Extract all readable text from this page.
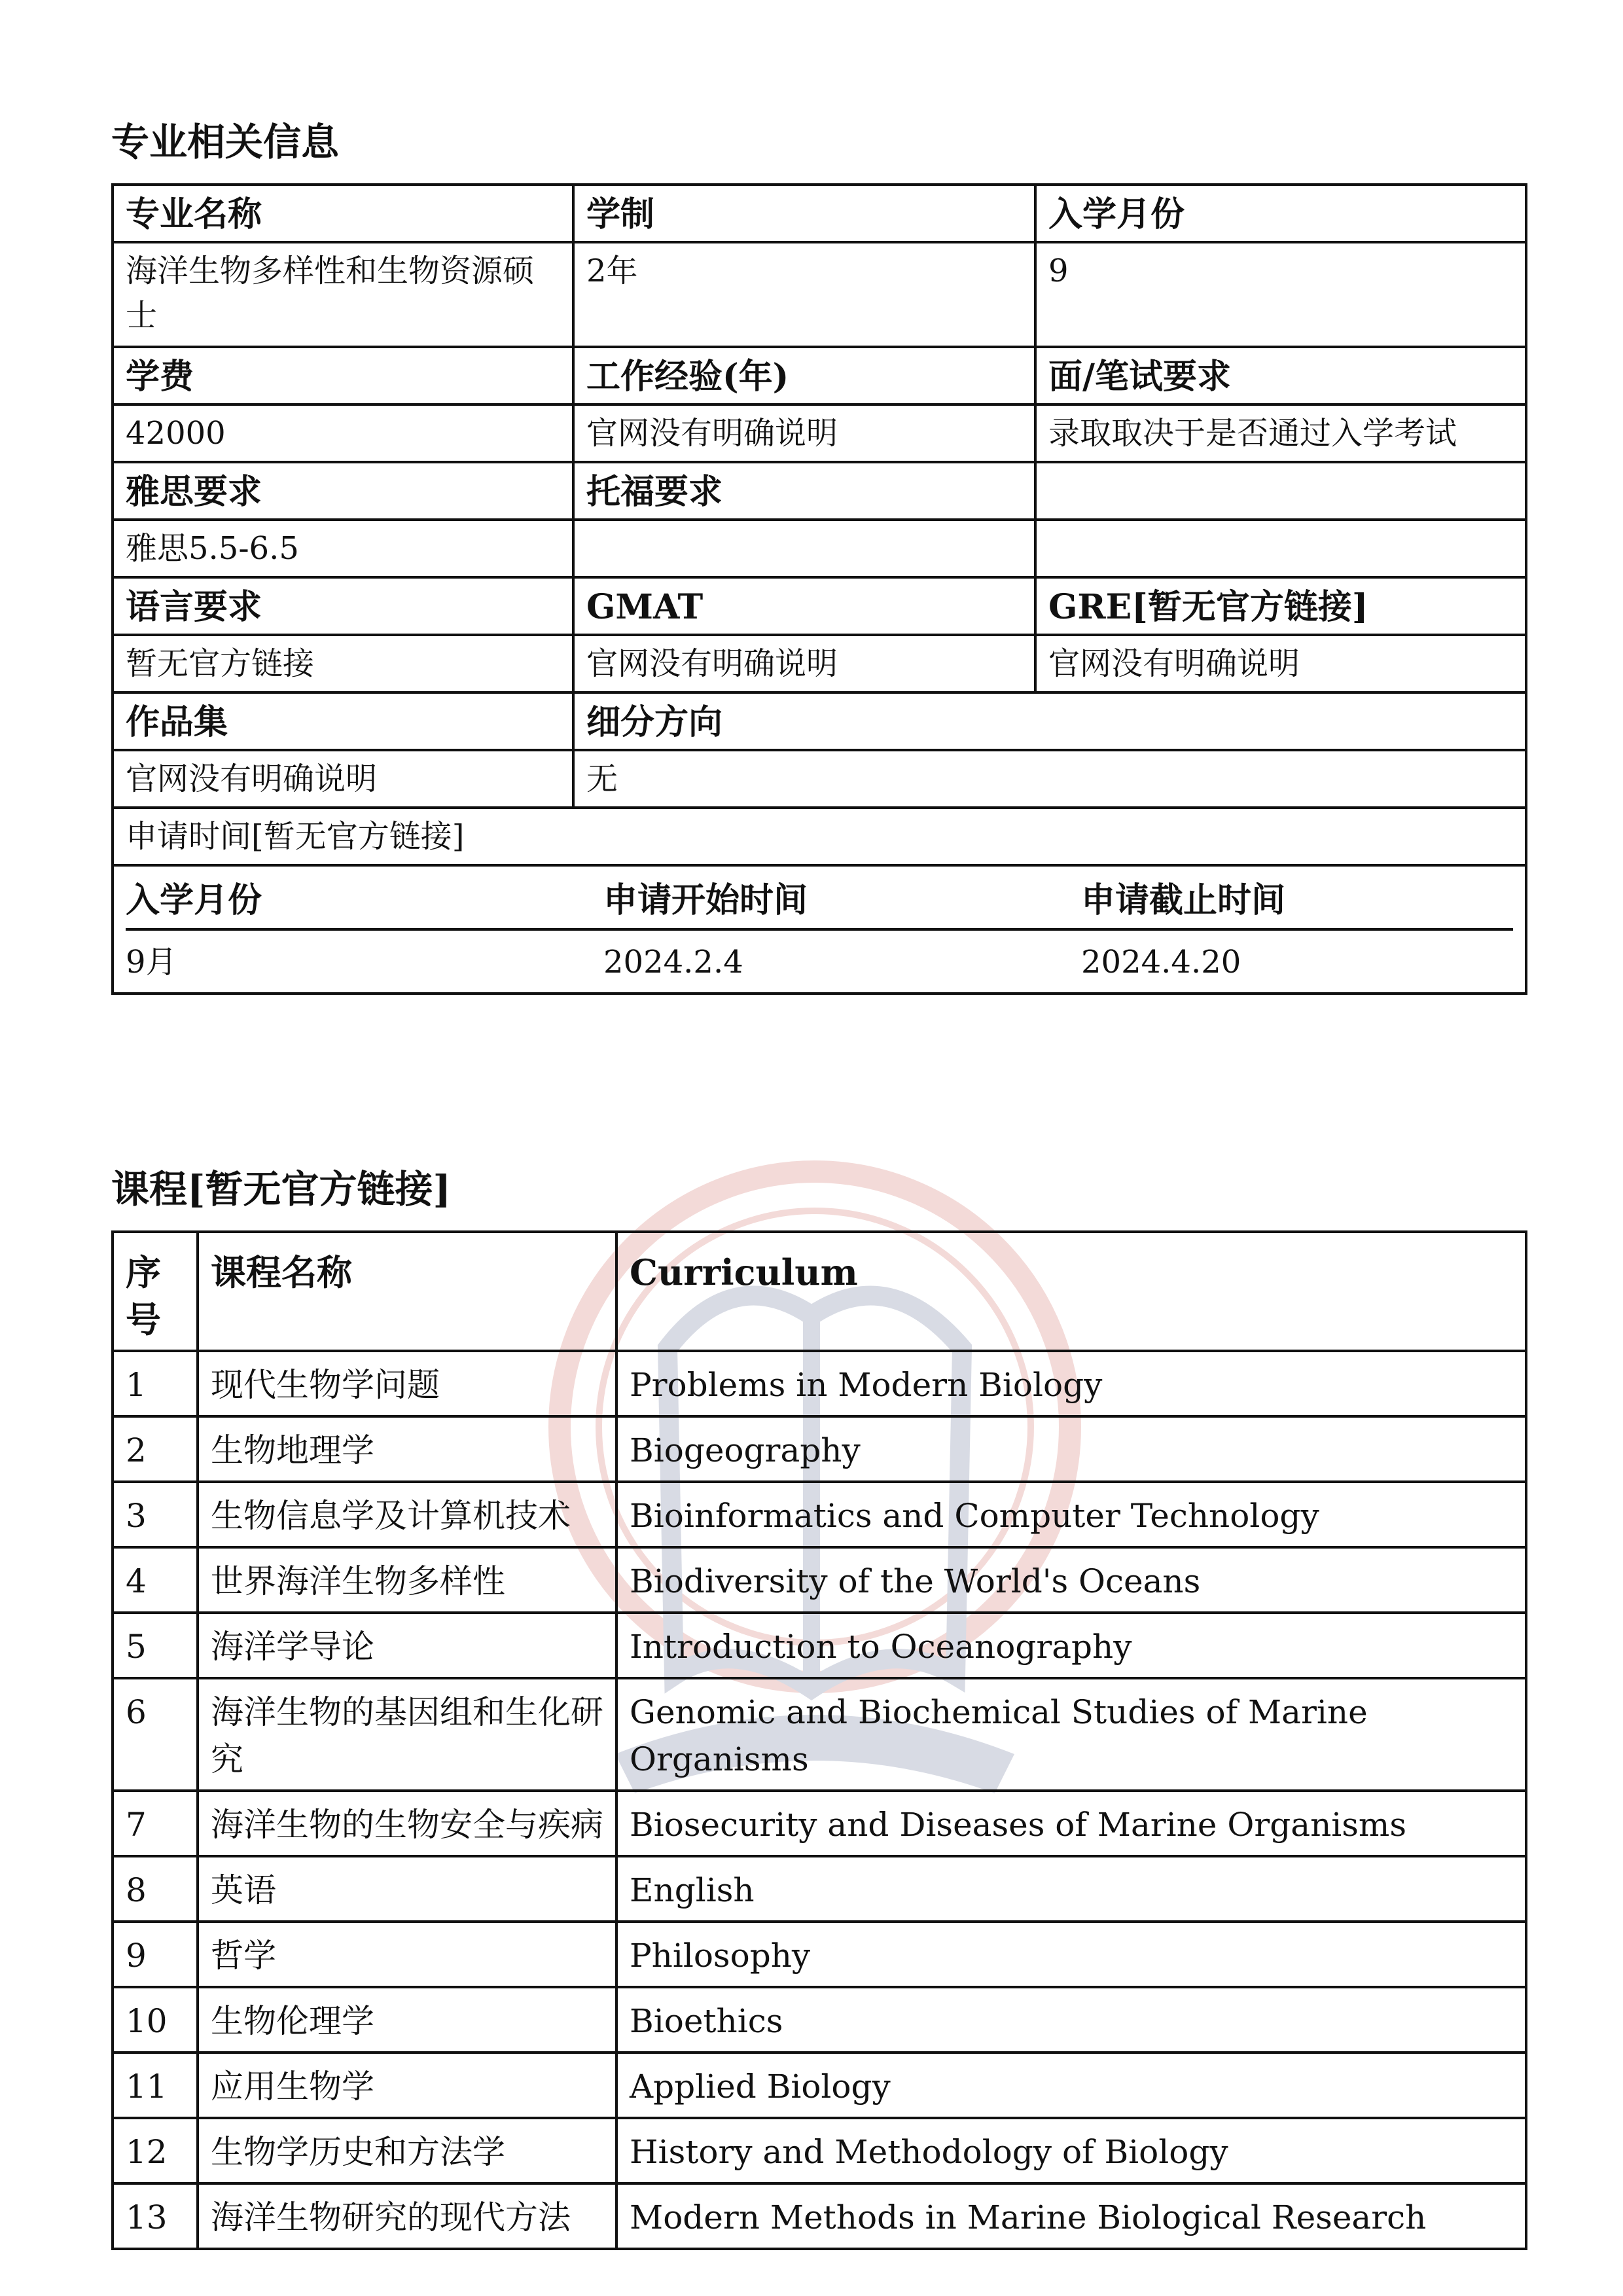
专业相关信息
专业名称	学制	入学月份
海洋生物多样性和生物资源硕士	2年	9
学费	工作经验(年)	面/笔试要求
42000	官网没有明确说明	录取取决于是否通过入学考试
雅思要求	托福要求	
雅思5.5-6.5		
语言要求	GMAT	GRE[暂无官方链接]
暂无官方链接	官网没有明确说明	官网没有明确说明
作品集	细分方向
官网没有明确说明	无
申请时间[暂无官方链接]

入学月份	申请开始时间	申请截止时间
9月	2024.2.4	2024.4.20
课程[暂无官方链接]
序号	课程名称	Curriculum
1	现代生物学问题	Problems in Modern Biology
2	生物地理学	Biogeography
3	生物信息学及计算机技术	Bioinformatics and Computer Technology
4	世界海洋生物多样性	Biodiversity of the World's Oceans
5	海洋学导论	Introduction to Oceanography
6	海洋生物的基因组和生化研究	Genomic and Biochemical Studies of Marine Organisms
7	海洋生物的生物安全与疾病	Biosecurity and Diseases of Marine Organisms
8	英语	English
9	哲学	Philosophy
10	生物伦理学	Bioethics
11	应用生物学	Applied Biology
12	生物学历史和方法学	History and Methodology of Biology
13	海洋生物研究的现代方法	Modern Methods in Marine Biological Research
